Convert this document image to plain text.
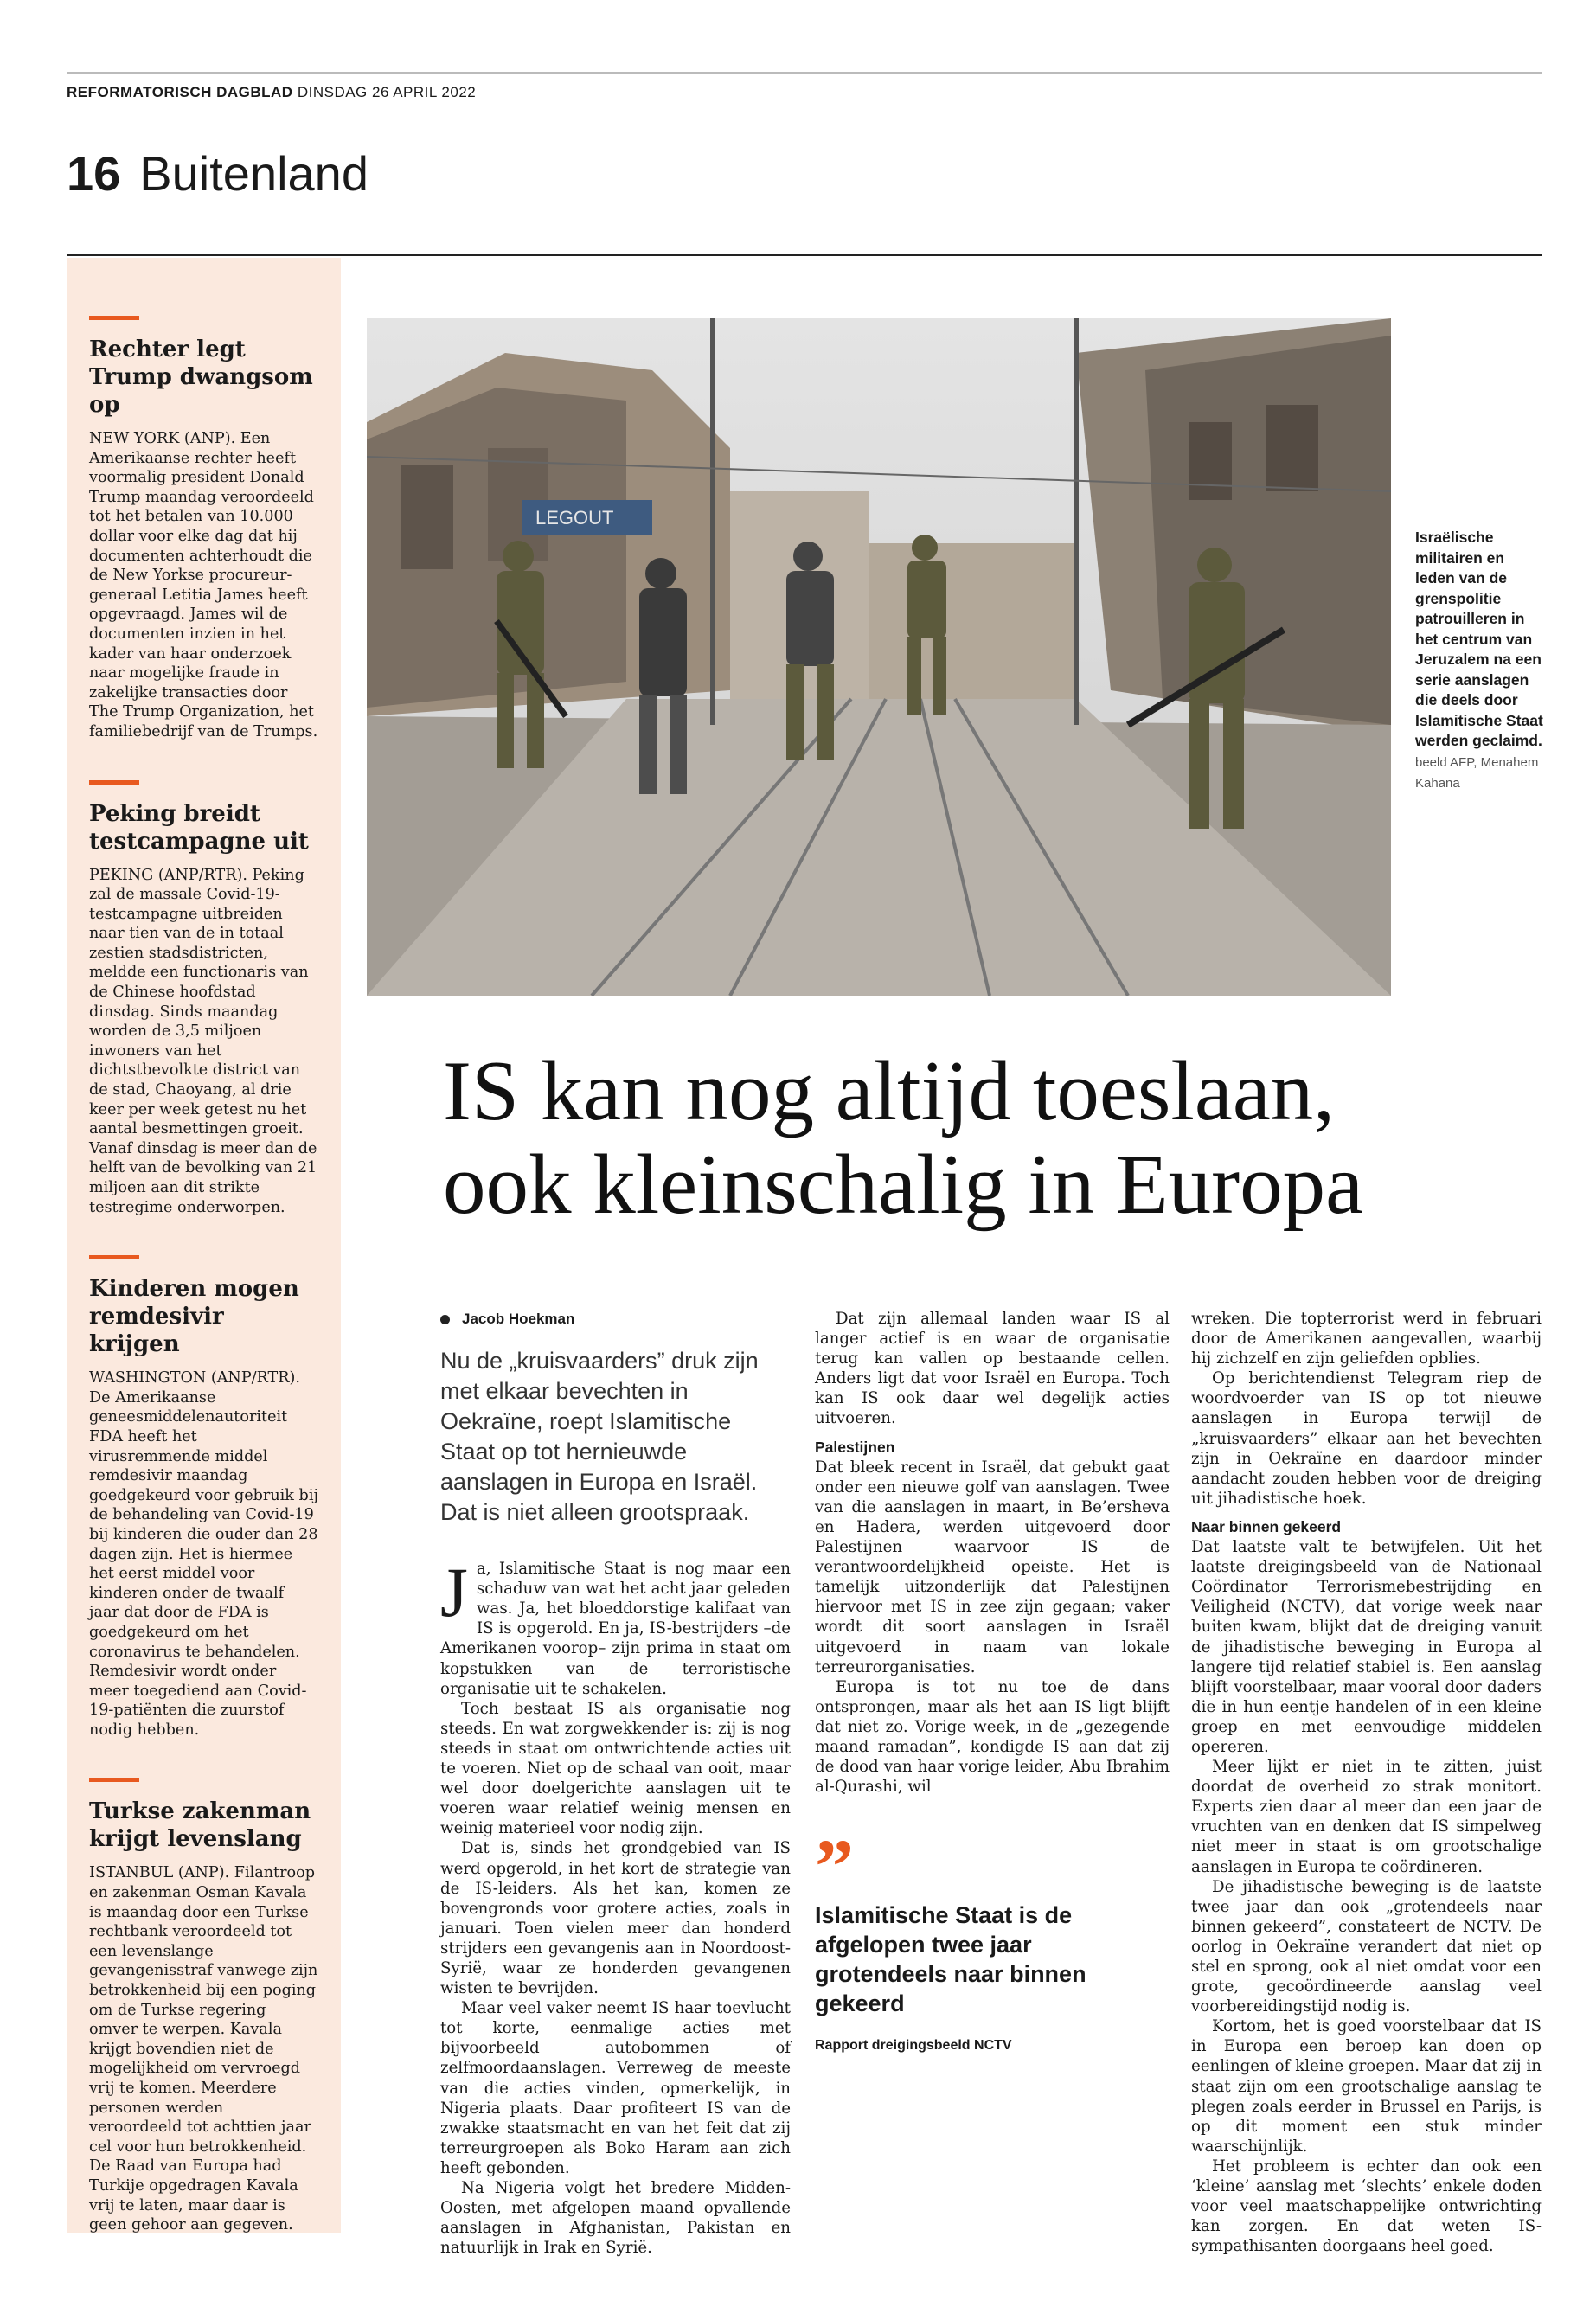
REFORMATORISCH DAGBLAD DINSDAG 26 APRIL 2022
16 Buitenland
Rechter legt Trump dwangsom op

NEW YORK (ANP). Een Amerikaanse rechter heeft voormalig president Donald Trump maandag veroordeeld tot het betalen van 10.000 dollar voor elke dag dat hij documenten achterhoudt die de New Yorkse procureur-generaal Letitia James heeft opgevraagd. James wil de documenten inzien in het kader van haar onderzoek naar mogelijke fraude in zakelijke transacties door The Trump Organization, het familiebedrijf van de Trumps.

Peking breidt testcampagne uit

PEKING (ANP/RTR). Peking zal de massale Covid-19-testcampagne uitbreiden naar tien van de in totaal zestien stadsdistricten, meldde een functionaris van de Chinese hoofdstad dinsdag. Sinds maandag worden de 3,5 miljoen inwoners van het dichtstbevolkte district van de stad, Chaoyang, al drie keer per week getest nu het aantal besmettingen groeit. Vanaf dinsdag is meer dan de helft van de bevolking van 21 miljoen aan dit strikte testregime onderworpen.

Kinderen mogen remdesivir krijgen

WASHINGTON (ANP/RTR). De Amerikaanse geneesmiddelenautoriteit FDA heeft het virusremmende middel remdesivir maandag goedgekeurd voor gebruik bij de behandeling van Covid-19 bij kinderen die ouder dan 28 dagen zijn. Het is hiermee het eerst middel voor kinderen onder de twaalf jaar dat door de FDA is goedgekeurd om het coronavirus te behandelen. Remdesivir wordt onder meer toegediend aan Covid-19-patiënten die zuurstof nodig hebben.

Turkse zakenman krijgt levenslang

ISTANBUL (ANP). Filantroop en zakenman Osman Kavala is maandag door een Turkse rechtbank veroordeeld tot een levenslange gevangenisstraf vanwege zijn betrokkenheid bij een poging om de Turkse regering omver te werpen. Kavala krijgt bovendien niet de mogelijkheid om vervroegd vrij te komen. Meerdere personen werden veroordeeld tot achttien jaar cel voor hun betrokkenheid. De Raad van Europa had Turkije opgedragen Kavala vrij te laten, maar daar is geen gehoor aan gegeven.

LEGOUT
Israëlische militairen en leden van de grenspolitie patrouilleren in het centrum van Jeruzalem na een serie aanslagen die deels door Islamitische Staat werden geclaimd. beeld AFP, Menahem Kahana
IS kan nog altijd toeslaan,
ook kleinschalig in Europa
Jacob Hoekman
Nu de „kruisvaarders” druk zijn met elkaar bevechten in Oekraïne, roept Islamitische Staat op tot hernieuwde aanslagen in Europa en Israël. Dat is niet alleen grootspraak.

Ja, Islamitische Staat is nog maar een schaduw van wat het acht jaar geleden was. Ja, het bloeddorstige kalifaat van IS is opgerold. En ja, IS-bestrijders –de Amerikanen voorop– zijn prima in staat om kopstukken van de terroristische organisatie uit te schakelen.

Toch bestaat IS als organisatie nog steeds. En wat zorgwekkender is: zij is nog steeds in staat om ontwrichtende acties uit te voeren. Niet op de schaal van ooit, maar wel door doelgerichte aanslagen uit te voeren waar relatief weinig mensen en weinig materieel voor nodig zijn.

Dat is, sinds het grondgebied van IS werd opgerold, in het kort de strategie van de IS-leiders. Als het kan, komen ze bovengronds voor grotere acties, zoals in januari. Toen vielen meer dan honderd strijders een gevangenis aan in Noordoost-Syrië, waar ze honderden gevangenen wisten te bevrijden.

Maar veel vaker neemt IS haar toevlucht tot korte, eenmalige acties met bijvoorbeeld autobommen of zelfmoordaanslagen. Verreweg de meeste van die acties vinden, opmerkelijk, in Nigeria plaats. Daar profiteert IS van de zwakke staatsmacht en van het feit dat zij terreurgroepen als Boko Haram aan zich heeft gebonden.

Na Nigeria volgt het bredere Midden-Oosten, met afgelopen maand opvallende aanslagen in Afghanistan, Pakistan en natuurlijk in Irak en Syrië.

Dat zijn allemaal landen waar IS al langer actief is en waar de organisatie terug kan vallen op bestaande cellen. Anders ligt dat voor Israël en Europa. Toch kan IS ook daar wel degelijk acties uitvoeren.

Palestijnen

Dat bleek recent in Israël, dat gebukt gaat onder een nieuwe golf van aanslagen. Twee van die aanslagen in maart, in Be’ersheva en Hadera, werden uitgevoerd door Palestijnen waarvoor IS de verantwoordelijkheid opeiste. Het is tamelijk uitzonderlijk dat Palestijnen hiervoor met IS in zee zijn gegaan; vaker wordt dit soort aanslagen in Israël uitgevoerd in naam van lokale terreurorganisaties.

Europa is tot nu toe de dans ontsprongen, maar als het aan IS ligt blijft dat niet zo. Vorige week, in de „gezegende maand ramadan”, kondigde IS aan dat zij de dood van haar vorige leider, Abu Ibrahim al-Qurashi, wil

”
Islamitische Staat is de afgelopen twee jaar grotendeels naar binnen gekeerd
Rapport dreigingsbeeld NCTV

wreken. Die topterrorist werd in februari door de Amerikanen aangevallen, waarbij hij zichzelf en zijn geliefden opblies.

Op berichtendienst Telegram riep de woordvoerder van IS op tot nieuwe aanslagen in Europa terwijl de „kruisvaarders” elkaar aan het bevechten zijn in Oekraïne en daardoor minder aandacht zouden hebben voor de dreiging uit jihadistische hoek.

Naar binnen gekeerd

Dat laatste valt te betwijfelen. Uit het laatste dreigingsbeeld van de Nationaal Coördinator Terrorismebestrijding en Veiligheid (NCTV), dat vorige week naar buiten kwam, blijkt dat de dreiging vanuit de jihadistische beweging in Europa al langere tijd relatief stabiel is. Een aanslag blijft voorstelbaar, maar vooral door daders die in hun eentje handelen of in een kleine groep en met eenvoudige middelen opereren.

Meer lijkt er niet in te zitten, juist doordat de overheid zo strak monitort. Experts zien daar al meer dan een jaar de vruchten van en denken dat IS simpelweg niet meer in staat is om grootschalige aanslagen in Europa te coördineren.

De jihadistische beweging is de laatste twee jaar dan ook „grotendeels naar binnen gekeerd”, constateert de NCTV. De oorlog in Oekraïne verandert dat niet op stel en sprong, ook al niet omdat voor een grote, gecoördineerde aanslag veel voorbereidingstijd nodig is.

Kortom, het is goed voorstelbaar dat IS in Europa een beroep kan doen op eenlingen of kleine groepen. Maar dat zij in staat zijn om een grootschalige aanslag te plegen zoals eerder in Brussel en Parijs, is op dit moment een stuk minder waarschijnlijk.

Het probleem is echter dan ook een ‘kleine’ aanslag met ‘slechts’ enkele doden voor veel maatschappelijke ontwrichting kan zorgen. En dat weten IS-sympathisanten doorgaans heel goed.
